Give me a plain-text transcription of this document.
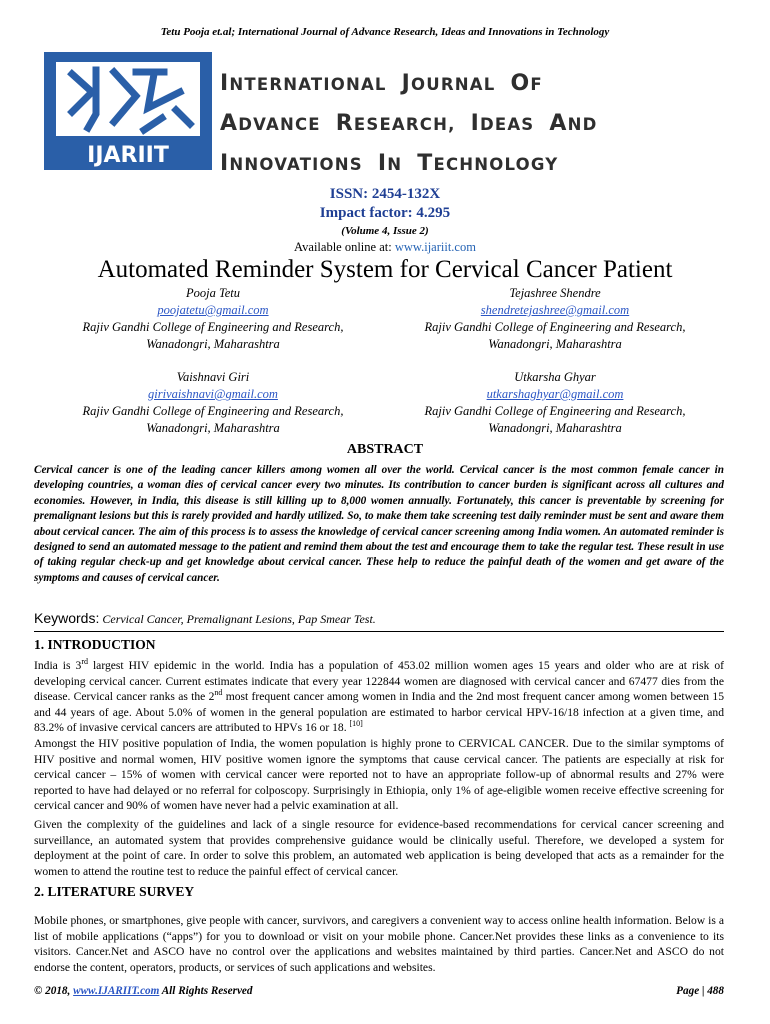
Tetu Pooja et.al; International Journal of Advance Research, Ideas and Innovations in Technology
IJARIIT
INTERNATIONAL JOURNAL OF
ADVANCE RESEARCH, IDEAS AND
INNOVATIONS IN TECHNOLOGY
ISSN: 2454-132X
Impact factor: 4.295
(Volume 4, Issue 2)
Available online at: www.ijariit.com
Automated Reminder System for Cervical Cancer Patient
Pooja Tetu
poojatetu@gmail.com
Rajiv Gandhi College of Engineering and Research,
Wanadongri, Maharashtra
Tejashree Shendre
shendretejashree@gmail.com
Rajiv Gandhi College of Engineering and Research,
Wanadongri, Maharashtra
Vaishnavi Giri
girivaishnavi@gmail.com
Rajiv Gandhi College of Engineering and Research,
Wanadongri, Maharashtra
Utkarsha Ghyar
utkarshaghyar@gmail.com
Rajiv Gandhi College of Engineering and Research,
Wanadongri, Maharashtra
ABSTRACT
Cervical cancer is one of the leading cancer killers among women all over the world. Cervical cancer is the most common female cancer in developing countries, a woman dies of cervical cancer every two minutes. Its contribution to cancer burden is significant across all cultures and economies. However, in India, this disease is still killing up to 8,000 women annually. Fortunately, this cancer is preventable by screening for premalignant lesions but this is rarely provided and hardly utilized. So, to make them take screening test daily reminder must be sent and aware them about cervical cancer. The aim of this process is to assess the knowledge of cervical cancer screening among India women. An automated reminder is designed to send an automated message to the patient and remind them about the test and encourage them to take the regular test. These result in use of taking regular check-up and get knowledge about cervical cancer. These help to reduce the painful death of the women and get aware of the symptoms and causes of cervical cancer.
Keywords: Cervical Cancer, Premalignant Lesions, Pap Smear Test.
1. INTRODUCTION
India is 3rd largest HIV epidemic in the world. India has a population of 453.02 million women ages 15 years and older who are at risk of developing cervical cancer. Current estimates indicate that every year 122844 women are diagnosed with cervical cancer and 67477 dies from the disease. Cervical cancer ranks as the 2nd most frequent cancer among women in India and the 2nd most frequent cancer among women between 15 and 44 years of age. About 5.0% of women in the general population are estimated to harbor cervical HPV-16/18 infection at a given time, and 83.2% of invasive cervical cancers are attributed to HPVs 16 or 18. [10]
Amongst the HIV positive population of India, the women population is highly prone to CERVICAL CANCER. Due to the similar symptoms of HIV positive and normal women, HIV positive women ignore the symptoms that cause cervical cancer. The patients are especially at risk for cervical cancer – 15% of women with cervical cancer were reported not to have an appropriate follow-up of abnormal results and 27% were reported to have had delayed or no referral for colposcopy. Surprisingly in Ethiopia, only 1% of age-eligible women receive effective screening for cervical cancer and 90% of women have never had a pelvic examination at all.
Given the complexity of the guidelines and lack of a single resource for evidence-based recommendations for cervical cancer screening and surveillance, an automated system that provides comprehensive guidance would be clinically useful. Therefore, we developed a system for deployment at the point of care. In order to solve this problem, an automated web application is being developed that acts as a remainder for the women to attend the routine test to reduce the painful effect of cervical cancer.
2. LITERATURE SURVEY
Mobile phones, or smartphones, give people with cancer, survivors, and caregivers a convenient way to access online health information. Below is a list of mobile applications (“apps”) for you to download or visit on your mobile phone. Cancer.Net provides these links as a convenience to its visitors. Cancer.Net and ASCO have no control over the applications and websites maintained by third parties. Cancer.Net and ASCO do not endorse the content, operators, products, or services of such applications and websites.
© 2018, www.IJARIIT.com All Rights Reserved	Page | 488
